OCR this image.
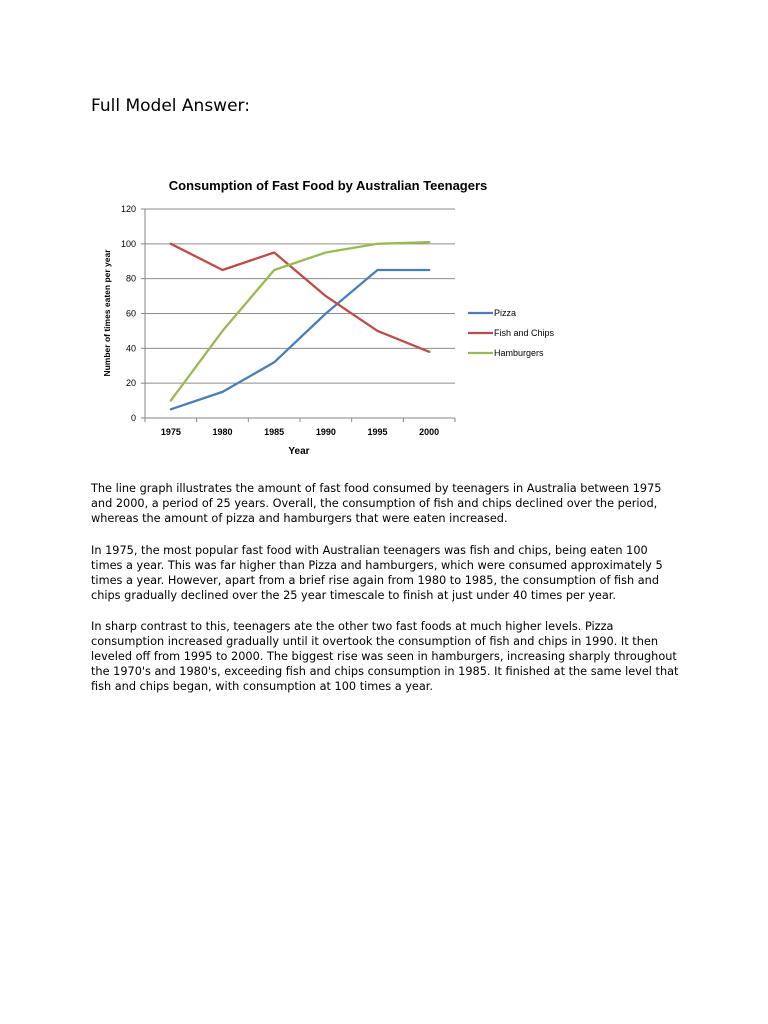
Full Model Answer:
Consumption of Fast Food by Australian Teenagers
0
20
40
60
80
100
120
1975	1980	1985	1990	1995	2000
Pizza
Fish and Chips
Hamburgers
Year
Number of times eaten per year

The line graph illustrates the amount of fast food consumed by teenagers in Australia between 1975 and 2000, a period of 25 years. Overall, the consumption of fish and chips declined over the period, whereas the amount of pizza and hamburgers that were eaten increased.

In 1975, the most popular fast food with Australian teenagers was fish and chips, being eaten 100 times a year. This was far higher than Pizza and hamburgers, which were consumed approximately 5 times a year. However, apart from a brief rise again from 1980 to 1985, the consumption of fish and chips gradually declined over the 25 year timescale to finish at just under 40 times per year.

In sharp contrast to this, teenagers ate the other two fast foods at much higher levels. Pizza consumption increased gradually until it overtook the consumption of fish and chips in 1990. It then leveled off from 1995 to 2000. The biggest rise was seen in hamburgers, increasing sharply throughout the 1970's and 1980's, exceeding fish and chips consumption in 1985. It finished at the same level that fish and chips began, with consumption at 100 times a year.
